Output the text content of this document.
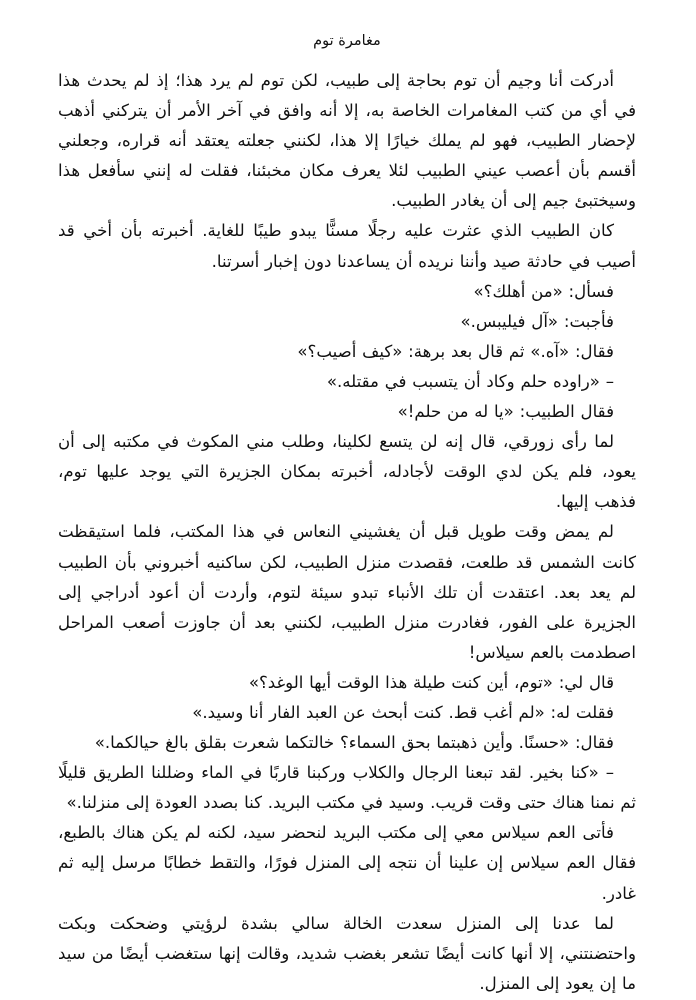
مغامرة توم

أدركت أنا وجيم أن توم بحاجة إلى طبيب، لكن توم لم يرد هذا؛ إذ لم يحدث هذا في أي من كتب المغامرات الخاصة به، إلا أنه وافق في آخر الأمر أن يتركني أذهب لإحضار الطبيب، فهو لم يملك خيارًا إلا هذا، لكنني جعلته يعتقد أنه قراره، وجعلني أقسم بأن أعصب عيني الطبيب لئلا يعرف مكان مخبئنا، فقلت له إنني سأفعل هذا وسيختبئ جيم إلى أن يغادر الطبيب.

كان الطبيب الذي عثرت عليه رجلًا مسنًّا يبدو طيبًا للغاية. أخبرته بأن أخي قد أصيب في حادثة صيد وأننا نريده أن يساعدنا دون إخبار أسرتنا.

فسأل: «من أهلك؟»

فأجبت: «آل فيليبس.»

فقال: «آه.» ثم قال بعد برهة: «كيف أصيب؟»

– «راوده حلم وكاد أن يتسبب في مقتله.»

فقال الطبيب: «يا له من حلم!»

لما رأى زورقي، قال إنه لن يتسع لكلينا، وطلب مني المكوث في مكتبه إلى أن يعود، فلم يكن لدي الوقت لأجادله، أخبرته بمكان الجزيرة التي يوجد عليها توم، فذهب إليها.

لم يمض وقت طويل قبل أن يغشيني النعاس في هذا المكتب، فلما استيقظت كانت الشمس قد طلعت، فقصدت منزل الطبيب، لكن ساكنيه أخبروني بأن الطبيب لم يعد بعد. اعتقدت أن تلك الأنباء تبدو سيئة لتوم، وأردت أن أعود أدراجي إلى الجزيرة على الفور، فغادرت منزل الطبيب، لكنني بعد أن جاوزت أصعب المراحل اصطدمت بالعم سيلاس!

قال لي: «توم، أين كنت طيلة هذا الوقت أيها الوغد؟»

فقلت له: «لم أغب قط. كنت أبحث عن العبد الفار أنا وسيد.»

فقال: «حسنًا. وأين ذهبتما بحق السماء؟ خالتكما شعرت بقلق بالغ حيالكما.»

– «كنا بخير. لقد تبعنا الرجال والكلاب وركبنا قاربًا في الماء وضللنا الطريق قليلًا ثم نمنا هناك حتى وقت قريب. وسيد في مكتب البريد. كنا بصدد العودة إلى منزلنا.»

فأتى العم سيلاس معي إلى مكتب البريد لنحضر سيد، لكنه لم يكن هناك بالطبع، فقال العم سيلاس إن علينا أن نتجه إلى المنزل فورًا، والتقط خطابًا مرسل إليه ثم غادر.

لما عدنا إلى المنزل سعدت الخالة سالي بشدة لرؤيتي وضحكت وبكت واحتضنتني، إلا أنها كانت أيضًا تشعر بغضب شديد، وقالت إنها ستغضب أيضًا من سيد ما إن يعود إلى المنزل.
